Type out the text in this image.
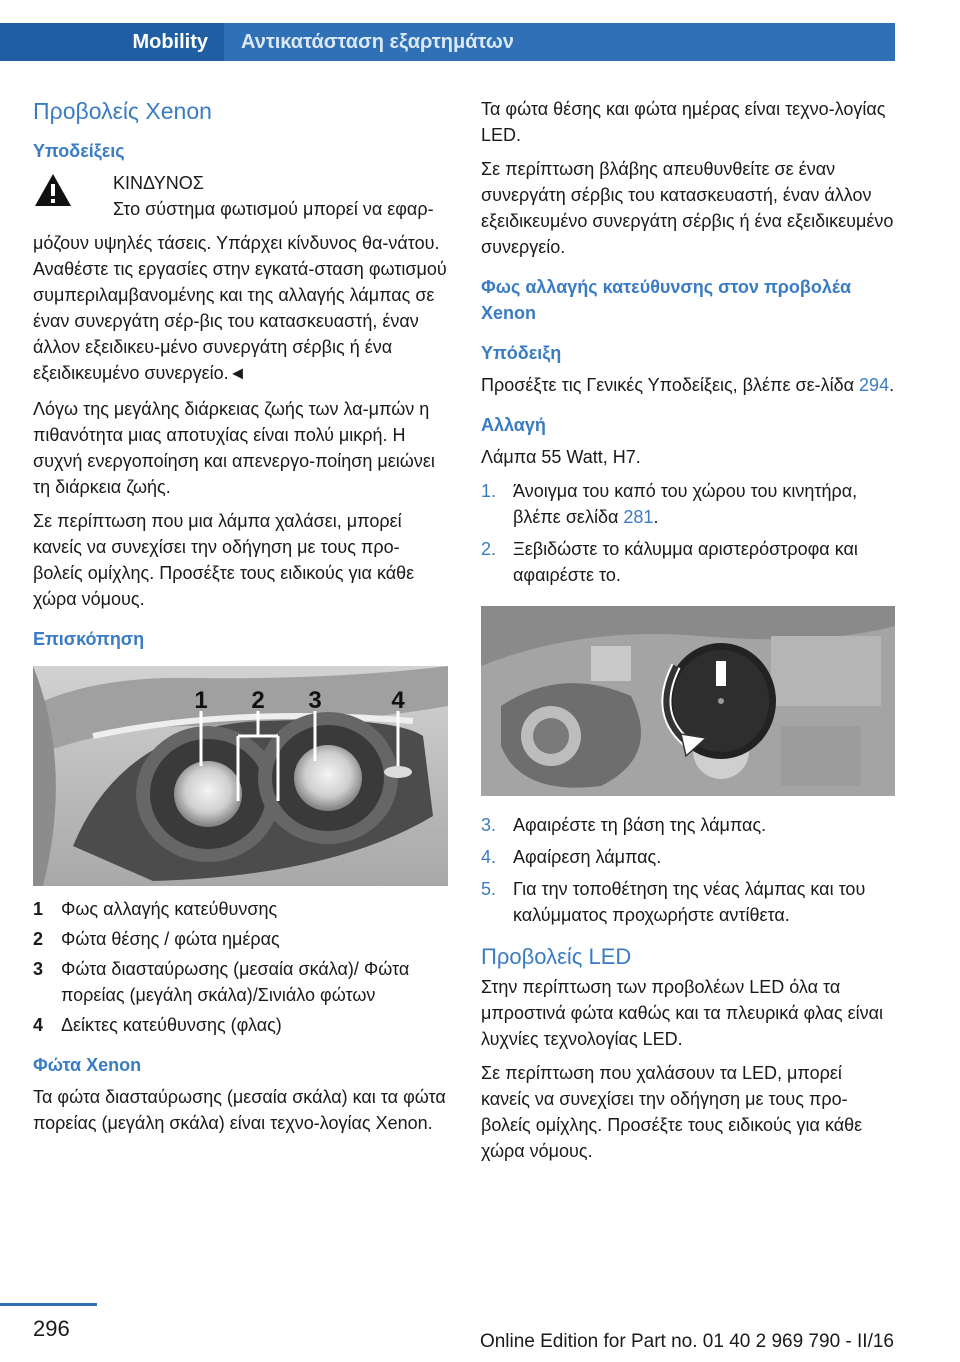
Mobility	Αντικατάσταση εξαρτημάτων
Προβολείς Xenon
Υποδείξεις

ΚΙΝΔΥΝΟΣ

Στο σύστημα φωτισμού μπορεί να εφαρ‐

μόζουν υψηλές τάσεις. Υπάρχει κίνδυνος θα‐νάτου. Αναθέστε τις εργασίες στην εγκατά‐σταση φωτισμού συμπεριλαμβανομένης και της αλλαγής λάμπας σε έναν συνεργάτη σέρ‐βις του κατασκευαστή, έναν άλλον εξειδικευ‐μένο συνεργάτη σέρβις ή ένα εξειδικευμένο συνεργείο.◄

Λόγω της μεγάλης διάρκειας ζωής των λα‐μπών η πιθανότητα μιας αποτυχίας είναι πολύ μικρή. Η συχνή ενεργοποίηση και απενεργο‐ποίηση μειώνει τη διάρκεια ζωής.

Σε περίπτωση που μια λάμπα χαλάσει, μπορεί κανείς να συνεχίσει την οδήγηση με τους προ‐βολείς ομίχλης. Προσέξτε τους ειδικούς για κάθε χώρα νόμους.

Επισκόπηση
1 2 3	4
1 Φως αλλαγής κατεύθυνσης
2 Φώτα θέσης / φώτα ημέρας
3 Φώτα διασταύρωσης (μεσαία σκάλα)/ Φώτα πορείας (μεγάλη σκάλα)/Σινιάλο φώτων
4 Δείκτες κατεύθυνσης (φλας)
Φώτα Xenon

Τα φώτα διασταύρωσης (μεσαία σκάλα) και τα φώτα πορείας (μεγάλη σκάλα) είναι τεχνο‐λογίας Xenon.

Τα φώτα θέσης και φώτα ημέρας είναι τεχνο‐λογίας LED.

Σε περίπτωση βλάβης απευθυνθείτε σε έναν συνεργάτη σέρβις του κατασκευαστή, έναν άλλον εξειδικευμένο συνεργάτη σέρβις ή ένα εξειδικευμένο συνεργείο.

Φως αλλαγής κατεύθυνσης στον προβολέα Xenon
Υπόδειξη

Προσέξτε τις Γενικές Υποδείξεις, βλέπε σε‐λίδα 294.

Αλλαγή

Λάμπα 55 Watt, H7.

1. Άνοιγμα του καπό του χώρου του κινητήρα, βλέπε σελίδα 281.
2. Ξεβιδώστε το κάλυμμα αριστερόστροφα και αφαιρέστε το.
3. Αφαιρέστε τη βάση της λάμπας.
4. Αφαίρεση λάμπας.
5. Για την τοποθέτηση της νέας λάμπας και του καλύμματος προχωρήστε αντίθετα.
Προβολείς LED

Στην περίπτωση των προβολέων LED όλα τα μπροστινά φώτα καθώς και τα πλευρικά φλας είναι λυχνίες τεχνολογίας LED.

Σε περίπτωση που χαλάσουν τα LED, μπορεί κανείς να συνεχίσει την οδήγηση με τους προ‐βολείς ομίχλης. Προσέξτε τους ειδικούς για κάθε χώρα νόμους.

296
Online Edition for Part no. 01 40 2 969 790 - II/16
